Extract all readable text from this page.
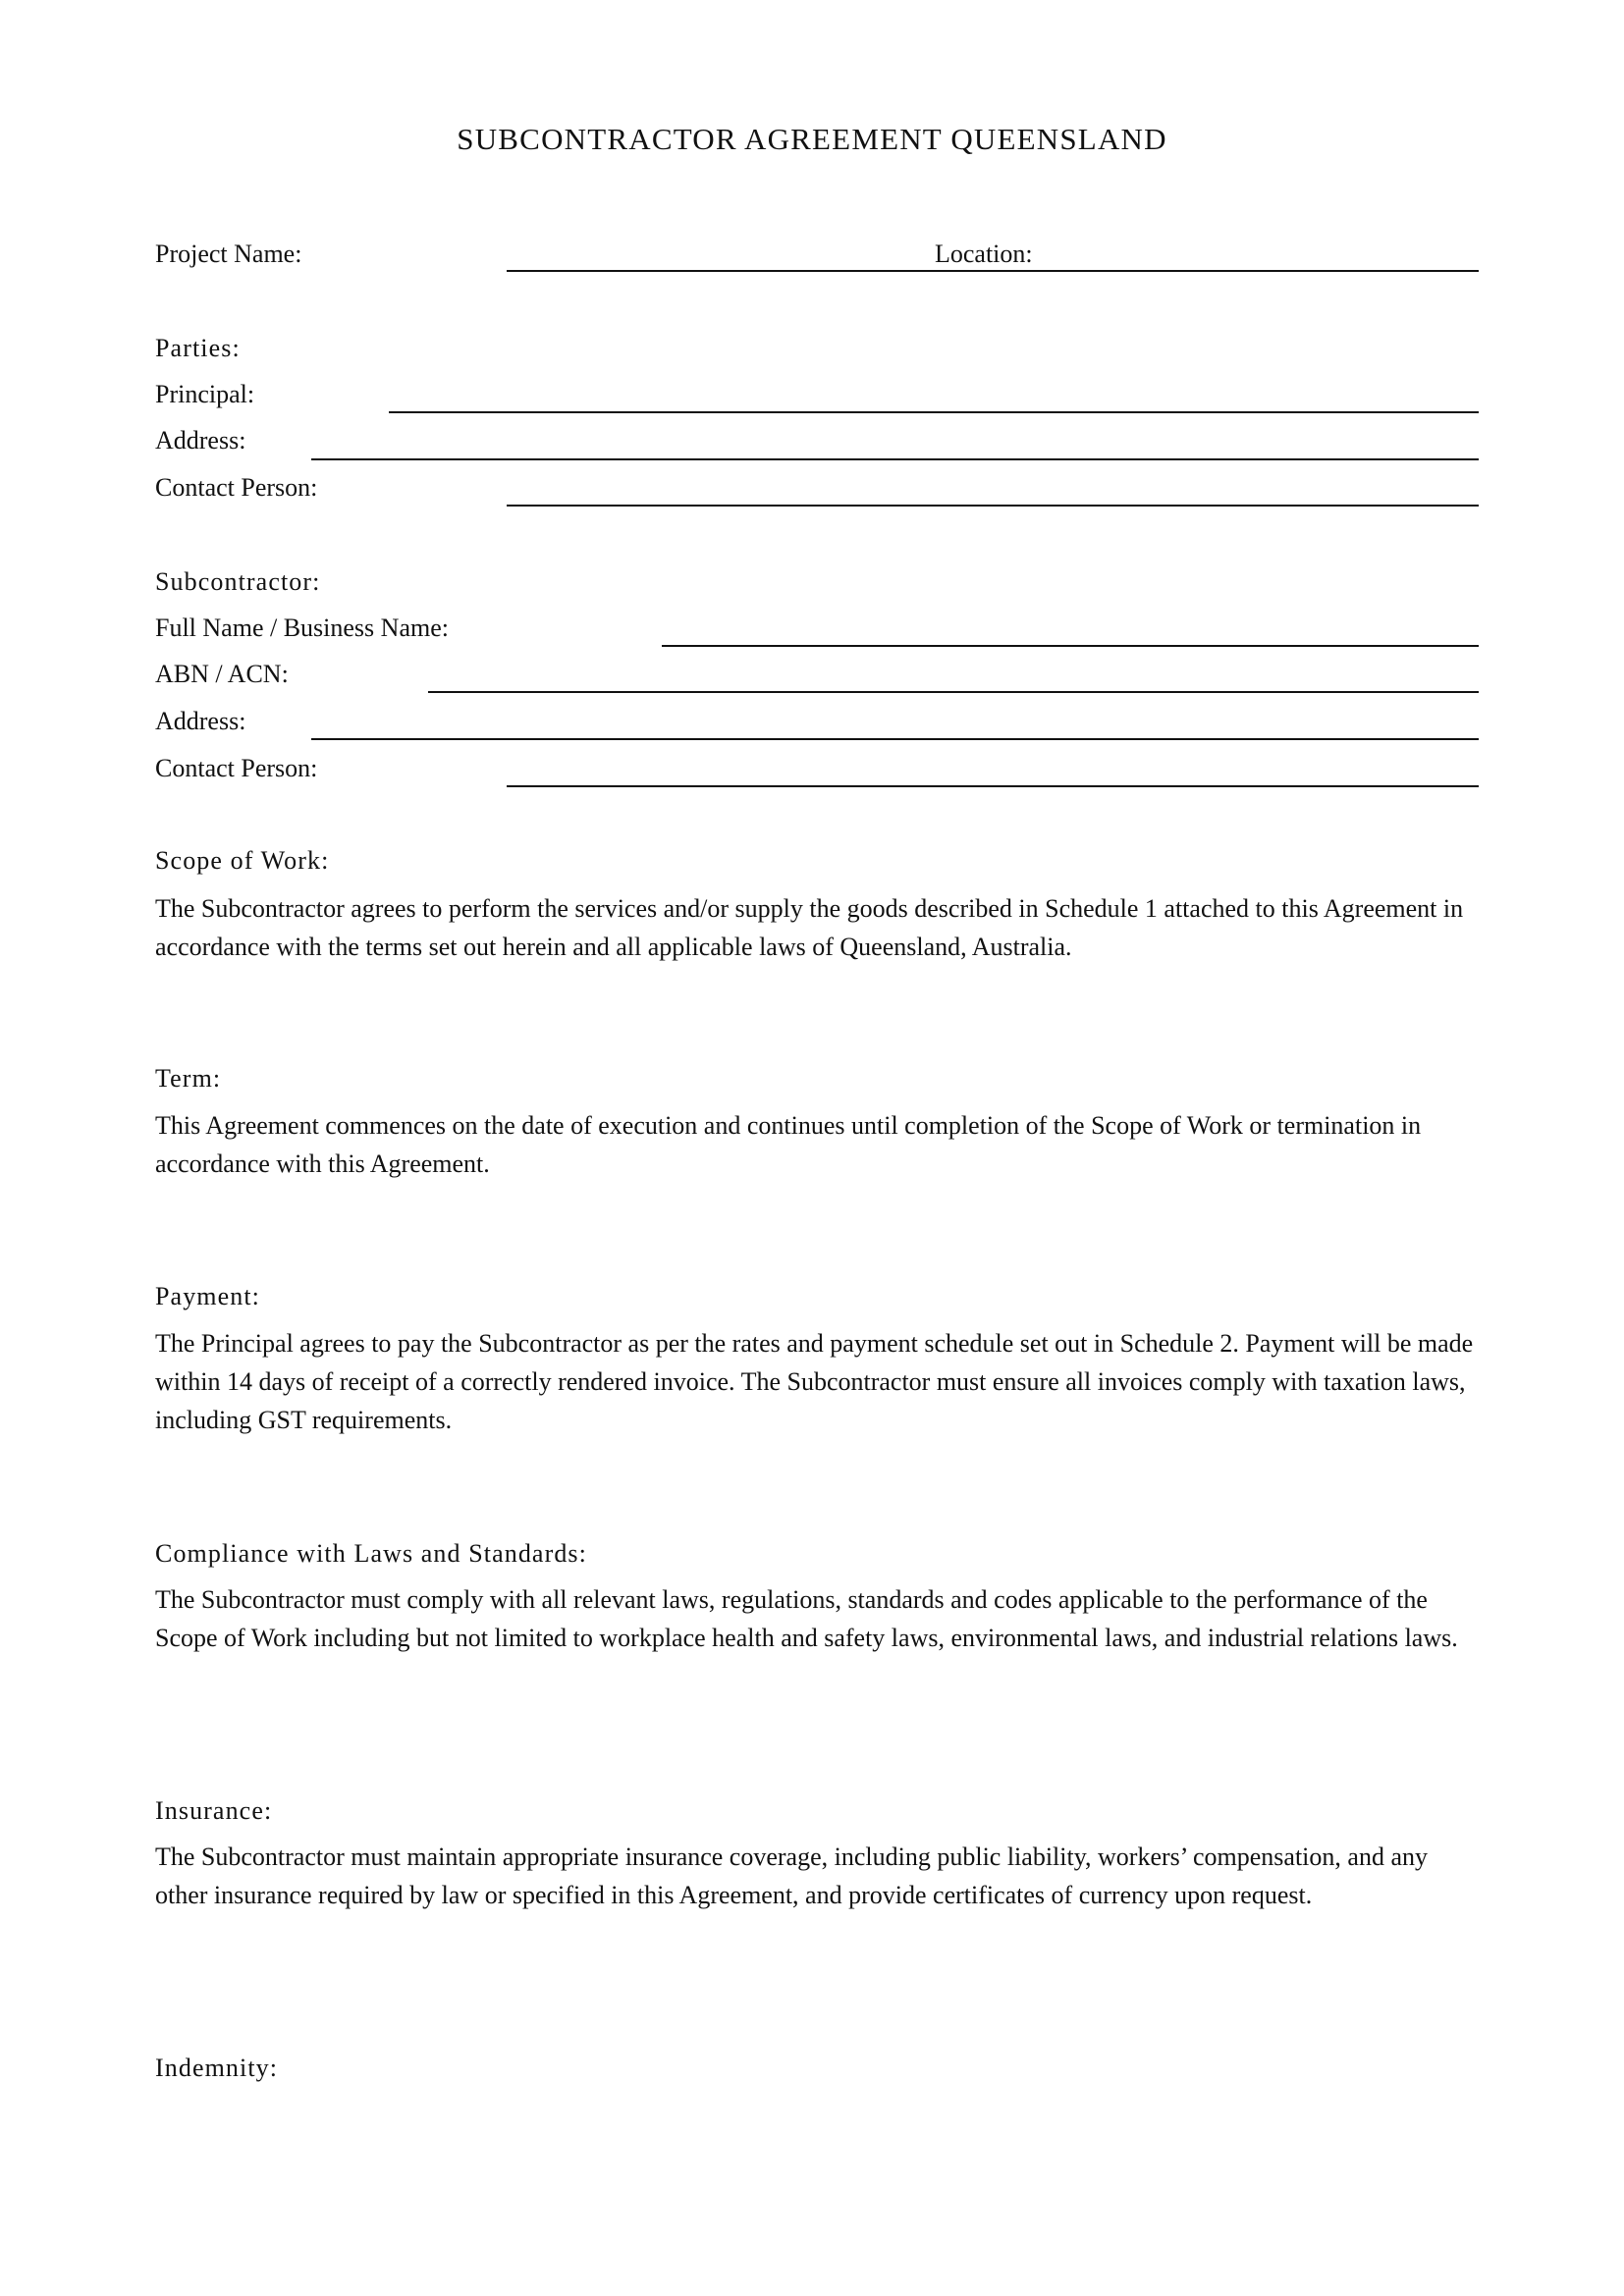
SUBCONTRACTOR AGREEMENT QUEENSLAND
Project Name:	Location:
Parties:
Principal:
Address:
Contact Person:
Subcontractor:
Full Name / Business Name:
ABN / ACN:
Address:
Contact Person:
Scope of Work:
The Subcontractor agrees to perform the services and/or supply the goods described in Schedule 1 attached to this Agreement in accordance with the terms set out herein and all applicable laws of Queensland, Australia.
Term:
This Agreement commences on the date of execution and continues until completion of the Scope of Work or termination in accordance with this Agreement.
Payment:
The Principal agrees to pay the Subcontractor as per the rates and payment schedule set out in Schedule 2. Payment will be made within 14 days of receipt of a correctly rendered invoice. The Subcontractor must ensure all invoices comply with taxation laws, including GST requirements.
Compliance with Laws and Standards:
The Subcontractor must comply with all relevant laws, regulations, standards and codes applicable to the performance of the Scope of Work including but not limited to workplace health and safety laws, environmental laws, and industrial relations laws.
Insurance:
The Subcontractor must maintain appropriate insurance coverage, including public liability, workers’ compensation, and any other insurance required by law or specified in this Agreement, and provide certificates of currency upon request.
Indemnity:
